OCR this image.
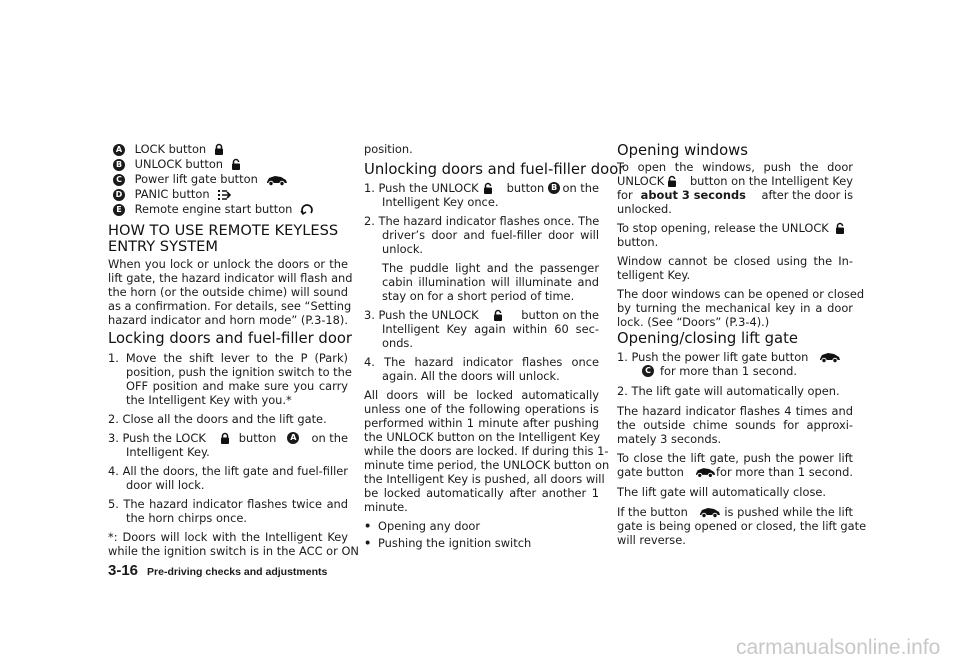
A LOCK button
B UNLOCK button
C Power lift gate button
D PANIC button
E Remote engine start button
HOW TO USE REMOTE KEYLESS
ENTRY SYSTEM
When you lock or unlock the doors or the
lift gate, the hazard indicator will flash and
the horn (or the outside chime) will sound
as a confirmation. For details, see “Setting
hazard indicator and horn mode” (P.3-18).
Locking doors and fuel-filler door
1. Move the shift lever to the P (Park)
position, push the ignition switch to the
OFF position and make sure you carry
the Intelligent Key with you.*
2. Close all the doors and the lift gate.
3. Push the LOCK	button	A on the
Intelligent Key.
4. All the doors, the lift gate and fuel-filler
door will lock.
5. The hazard indicator flashes twice and
the horn chirps once.
*: Doors will lock with the Intelligent Key
while the ignition switch is in the ACC or ON
position.
Unlocking doors and fuel-filler door
1. Push the UNLOCK button B on the
Intelligent Key once.
2. The hazard indicator flashes once. The
driver’s door and fuel-filler door will
unlock.
The puddle light and the passenger
cabin illumination will illuminate and
stay on for a short period of time.
3. Push the UNLOCK	button on the
Intelligent Key again within 60 sec-
onds.
4. The hazard indicator flashes once
again. All the doors will unlock.
All doors will be locked automatically
unless one of the following operations is
performed within 1 minute after pushing
the UNLOCK button on the Intelligent Key
while the doors are locked. If during this 1-
minute time period, the UNLOCK button on
the Intelligent Key is pushed, all doors will
be locked automatically after another 1
minute.
• Opening any door
• Pushing the ignition switch
Opening windows
To open the windows, push the door
UNLOCK button on the Intelligent Key
for about 3 seconds after the door is
unlocked.
To stop opening, release the UNLOCK
button.
Window cannot be closed using the In-
telligent Key.
The door windows can be opened or closed
by turning the mechanical key in a door
lock. (See “Doors” (P.3-4).)
Opening/closing lift gate
1. Push the power lift gate button
C for more than 1 second.
2. The lift gate will automatically open.
The hazard indicator flashes 4 times and
the outside chime sounds for approxi-
mately 3 seconds.
To close the lift gate, push the power lift
gate button	for more than 1 second.
The lift gate will automatically close.
If the button	is pushed while the lift
gate is being opened or closed, the lift gate
will reverse.
3-16 Pre-driving checks and adjustments
carmanualsonline.info
